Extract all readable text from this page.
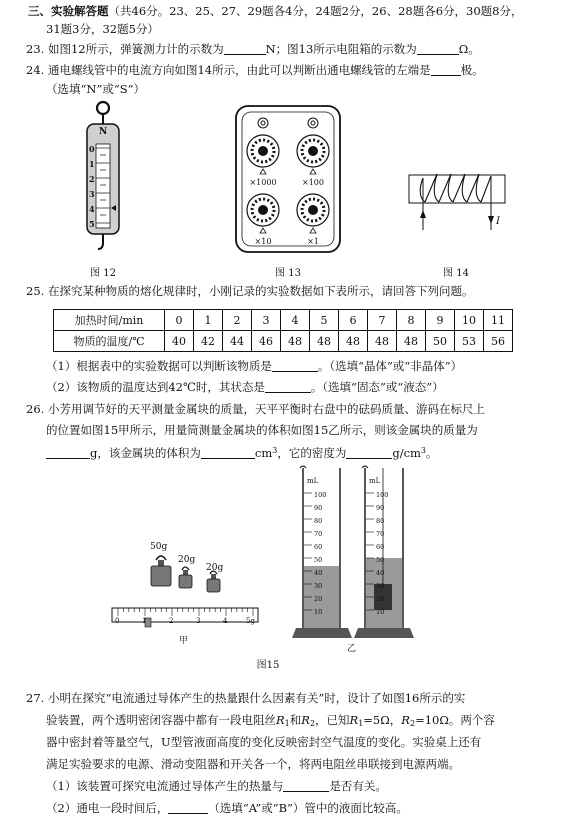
三、实验解答题（共46分。23、25、27、29题各4分，24题2分，26、28题各6分，30题8分，
31题3分，32题5分）
23. 如图12所示，弹簧测力计的示数为	N；图13所示电阻箱的示数为	Ω。
24. 通电螺线管中的电流方向如图14所示，由此可以判断出通电螺线管的左端是	极。
（选填“N”或“S”）
N
0
1
2
3
4
5
图 12
×1000	×100
×10	×1
图 13
I
图 14
25. 在探究某种物质的熔化规律时，小刚记录的实验数据如下表所示，请回答下列问题。
加热时间/min	0	1	2	3	4	5	6	7	8	9	10	11
物质的温度/℃	40	42	44	46	48	48	48	48	48	50	53	56
（1）根据表中的实验数据可以判断该物质是	。（选填“晶体”或“非晶体”）
（2）该物质的温度达到42℃时，其状态是	。（选填“固态”或“液态”）
26. 小芳用调节好的天平测量金属块的质量，天平平衡时右盘中的砝码质量、游码在标尺上
的位置如图15甲所示，用量筒测量金属块的体积如图15乙所示，则该金属块的质量为
g，该金属块的体积为	$cm^3$，它的密度为	$g/cm^3$。
50g
20g
20g
0	1	2	3	4	5g
甲
mL	mL
100
90
80
70
60
50
40
30
20
10
100
90
80
70
60
50
40
30
20
10
乙
图15
27. 小明在探究“电流通过导体产生的热量跟什么因素有关”时，设计了如图16所示的实
验装置，两个透明密闭容器中都有一段电阻丝$R_1$和$R_2$，已知$R_1=5\Omega$，$R_2=10\Omega$。两个容
器中密封着等量空气，U型管液面高度的变化反映密封空气温度的变化。实验桌上还有
满足实验要求的电源、滑动变阻器和开关各一个，将两电阻丝串联接到电源两端。
（1）该装置可探究电流通过导体产生的热量与	是否有关。
（2）通电一段时间后，	（选填“A”或“B”）管中的液面比较高。
